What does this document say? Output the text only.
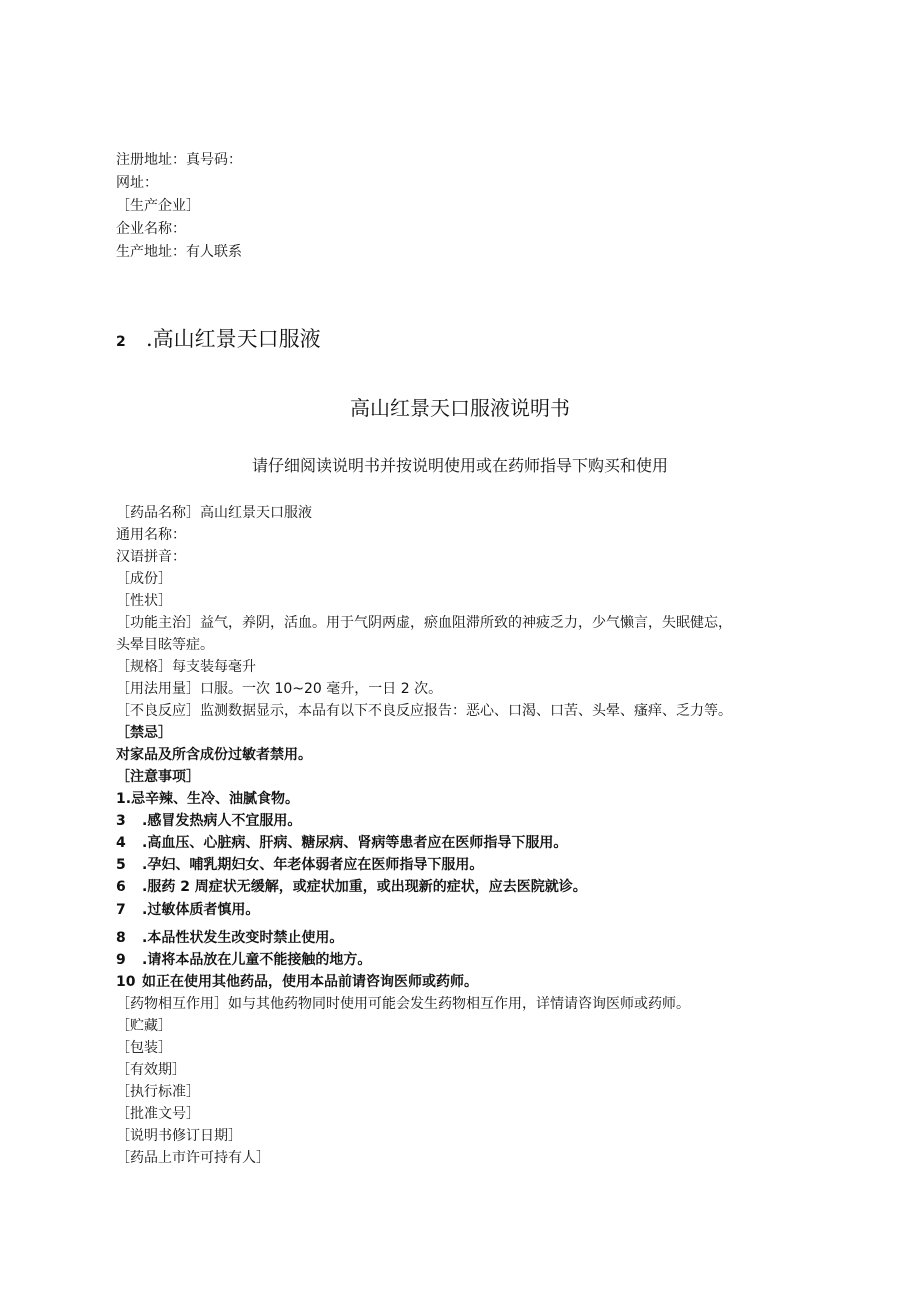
注册地址：真号码：
网址：
［生产企业］
企业名称：
生产地址：有人联系
2 .高山红景天口服液
高山红景天口服液说明书
请仔细阅读说明书并按说明使用或在药师指导下购买和使用
［药品名称］高山红景天口服液
通用名称：
汉语拼音：
［成份］
［性状］
［功能主治］益气，养阴，活血。用于气阴两虚，瘀血阻滞所致的神疲乏力，少气懒言，失眠健忘，
头晕目眩等症。
［规格］每支装每毫升
［用法用量］口服。一次 10~20 毫升，一日 2 次。
［不良反应］监测数据显示，本品有以下不良反应报告：恶心、口渴、口苦、头晕、瘙痒、乏力等。
［禁忌］
对家品及所含成份过敏者禁用。
［注意事项］
1.忌辛辣、生冷、油腻食物。
3 .感冒发热病人不宜服用。
4 .高血压、心脏病、肝病、糖尿病、肾病等患者应在医师指导下服用。
5 .孕妇、哺乳期妇女、年老体弱者应在医师指导下服用。
6 .服药 2 周症状无缓解，或症状加重，或出现新的症状，应去医院就诊。
7 .过敏体质者慎用。
8 .本品性状发生改变时禁止使用。
9 .请将本品放在儿童不能接触的地方。
10 如正在使用其他药品，使用本品前请咨询医师或药师。
［药物相互作用］如与其他药物同时使用可能会发生药物相互作用，详情请咨询医师或药师。
［贮藏］
［包装］
［有效期］
［执行标准］
［批准文号］
［说明书修订日期］
［药品上市许可持有人］
